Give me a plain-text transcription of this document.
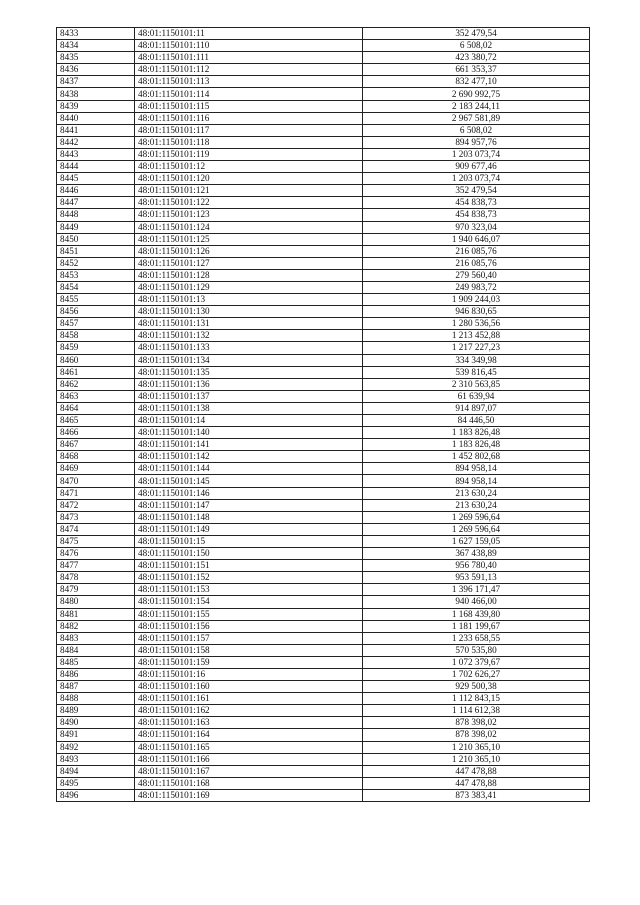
8433	48:01:1150101:11	352 479,54
8434	48:01:1150101:110	6 508,02
8435	48:01:1150101:111	423 380,72
8436	48:01:1150101:112	661 353,37
8437	48:01:1150101:113	832 477,10
8438	48:01:1150101:114	2 690 992,75
8439	48:01:1150101:115	2 183 244,11
8440	48:01:1150101:116	2 967 581,89
8441	48:01:1150101:117	6 508,02
8442	48:01:1150101:118	894 957,76
8443	48:01:1150101:119	1 203 073,74
8444	48:01:1150101:12	909 677,46
8445	48:01:1150101:120	1 203 073,74
8446	48:01:1150101:121	352 479,54
8447	48:01:1150101:122	454 838,73
8448	48:01:1150101:123	454 838,73
8449	48:01:1150101:124	970 323,04
8450	48:01:1150101:125	1 940 646,07
8451	48:01:1150101:126	216 085,76
8452	48:01:1150101:127	216 085,76
8453	48:01:1150101:128	279 560,40
8454	48:01:1150101:129	249 983,72
8455	48:01:1150101:13	1 909 244,03
8456	48:01:1150101:130	946 830,65
8457	48:01:1150101:131	1 280 536,56
8458	48:01:1150101:132	1 213 452,88
8459	48:01:1150101:133	1 217 227,23
8460	48:01:1150101:134	334 349,98
8461	48:01:1150101:135	539 816,45
8462	48:01:1150101:136	2 310 563,85
8463	48:01:1150101:137	61 639,94
8464	48:01:1150101:138	914 897,07
8465	48:01:1150101:14	84 446,50
8466	48:01:1150101:140	1 183 826,48
8467	48:01:1150101:141	1 183 826,48
8468	48:01:1150101:142	1 452 802,68
8469	48:01:1150101:144	894 958,14
8470	48:01:1150101:145	894 958,14
8471	48:01:1150101:146	213 630,24
8472	48:01:1150101:147	213 630,24
8473	48:01:1150101:148	1 269 596,64
8474	48:01:1150101:149	1 269 596,64
8475	48:01:1150101:15	1 627 159,05
8476	48:01:1150101:150	367 438,89
8477	48:01:1150101:151	956 780,40
8478	48:01:1150101:152	953 591,13
8479	48:01:1150101:153	1 396 171,47
8480	48:01:1150101:154	940 466,00
8481	48:01:1150101:155	1 168 439,80
8482	48:01:1150101:156	1 181 199,67
8483	48:01:1150101:157	1 233 658,55
8484	48:01:1150101:158	570 535,80
8485	48:01:1150101:159	1 072 379,67
8486	48:01:1150101:16	1 702 626,27
8487	48:01:1150101:160	929 500,38
8488	48:01:1150101:161	1 112 843,15
8489	48:01:1150101:162	1 114 612,38
8490	48:01:1150101:163	878 398,02
8491	48:01:1150101:164	878 398,02
8492	48:01:1150101:165	1 210 365,10
8493	48:01:1150101:166	1 210 365,10
8494	48:01:1150101:167	447 478,88
8495	48:01:1150101:168	447 478,88
8496	48:01:1150101:169	873 383,41
